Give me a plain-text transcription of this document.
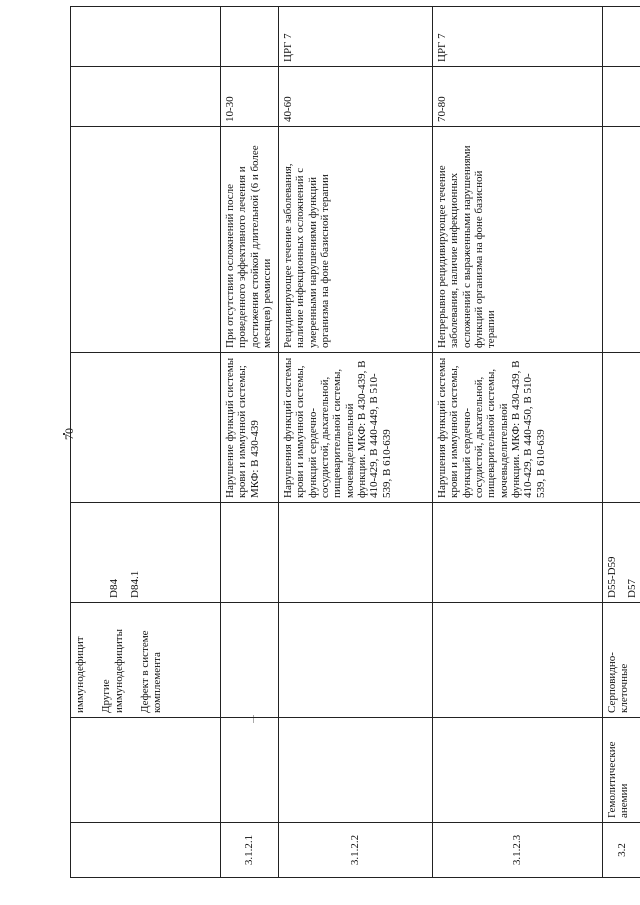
70

		иммунодефицит Другие иммунодефициты Дефект в системе комплемента	D84 D84.1				

3.1.2.1				Нарушение функций системы крови и иммунной системы; МКФ: В 430-439	При отсутствии осложнений после проведенного эффективного лечения и достижения стойкой длительной (6 и более месяцев) ремиссии	10-30	
3.1.2.2				Нарушения функций системы крови и иммунной системы, функций сердечно-сосудистой, дыхательной, пищеварительной системы, мочевыделительной функции. МКФ: В 430-439, В 410-429, В 440-449, В 510-539, В 610-639	Рецидивирующее течение заболевания, наличие инфекционных осложнений с умеренными нарушениями функций организма на фоне базисной терапии	40-60	ЦРГ 7
3.1.2.3				Нарушения функций системы крови и иммунной системы, функций сердечно-сосудистой, дыхательной, пищеварительной системы, мочевыделительной функции. МКФ: В 430-439, В 410-429, В 440-450, В 510-539, В 610-639	Непрерывно рецидивирующее течение заболевания, наличие инфекционных осложнений с выраженными нарушениями функций организма на фоне базисной терапии	70-80	ЦРГ 7
3.2	Гемолитические анемии	Серповидно-клеточные	D55-D59 D57				
